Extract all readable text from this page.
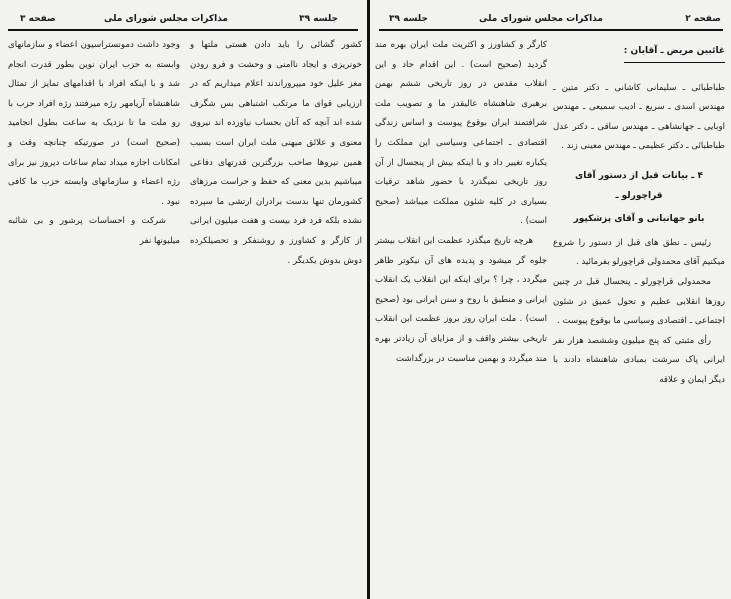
جلسه ۳۹
مذاکرات مجلس شورای ملی
صفحه ۳

کشور گشائی را باید دادن هستی ملتها و خونریزی و ایجاد ناامنی و وحشت و فرو رودن مغز علیل خود میپروراندند اعلام میداریم که در ارزیابی قوای ما مرتکب اشتباهی بس شگرف شده اند آنچه که آنان بحساب نیاورده اند نیروی معنوی و علائق میهنی ملت ایران است بسبب همین نیروها صاحب بزرگترین قدرتهای دفاعی میباشیم بدین معنی که حفظ و حراست مرزهای کشورمان تنها بدست برادران ارتشی ما سپرده نشده بلکه فرد فرد بیست و هفت میلیون ایرانی از کارگر و کشاورز و روشنفکر و تحصیلکرده دوش بدوش یکدیگر .

وجود داشت دمونستراسیون اعضاء و سازمانهای وابسته به حزب ایران نوین بطور قدرت انجام شد و با اینکه افراد با اقدامهای تمایز از تمثال شاهنشاه آریامهر رژه میرفتند رژه افراد حزب با رو ملت ما تا نزدیک به ساعت بطول انجامید (صحیح است) در صورتیکه چنانچه وقت و امکانات اجازه میداد تمام ساعات دیروز نیز برای رژه اعضاء و سازمانهای وابسته حزب ما کافی نبود .

شرکت و احساسات پرشور و بی شائبه میلیونها نفر

صفحه ۲
مذاکرات مجلس شورای ملی
جلسه ۳۹
غائبین مریض ـ آقایان :

طباطبائی ـ سلیمانی کاشانی ـ دکتر متین ـ مهندس اسدی ـ سریع ـ ادیب سمیعی ـ مهندس اوبایی ـ جهانشاهی ـ مهندس ساقی ـ دکتر عدل طباطبائی ـ دکتر عظیمی ـ مهندس معینی زند .

۴ ـ بیانات قبل از دستور آقای قراچورلو ـ
بانو جهانبانی و آقای پزشکپور

رئیس ـ نطق های قبل از دستور را شروع میکنیم آقای محمدولی قراچورلو بفرمائید .

محمدولی قراچورلو ـ پنجسال قبل در چنین روزها انقلابی عظیم و تحول عمیق در شئون اجتماعی ـ اقتصادی وسیاسی ما بوقوع پیوست .

رأی مثبتی که پنج میلیون وششصد هزار نفر ایرانی پاک سرشت بمبادی شاهنشاه دادند با دیگر ایمان و علاقه

کارگر و کشاورز و اکثریت ملت ایران بهره مند گردید (صحیح است) . این اقدام حاد و این انقلاب مقدس در روز تاریخی ششم بهمن برهبری شاهنشاه عالیقدر ما و تصویب ملت شرافتمند ایران بوقوع پیوست و اساس زندگی اقتصادی ـ اجتماعی وسیاسی این مملکت را یکباره تغییر داد و با اینکه بیش از پنجسال از آن روز تاریخی نمیگذرد با حضور شاهد ترقیات بسیاری در کلیه شئون مملکت میباشد (صحیح است) .

هرچه تاریخ میگذرد عظمت این انقلاب بیشتر جلوه گر میشود و پدیده های آن نیکوتر ظاهر میگردد ، چرا ؟ برای اینکه این انقلاب یک انقلاب ایرانی و منطبق با روح و سنن ایرانی بود (صحیح است) . ملت ایران روز بروز عظمت این انقلاب تاریخی بیشتر واقف و از مزایای آن زیادتر بهره مند میگردد و بهمین مناسبت در بزرگداشت
